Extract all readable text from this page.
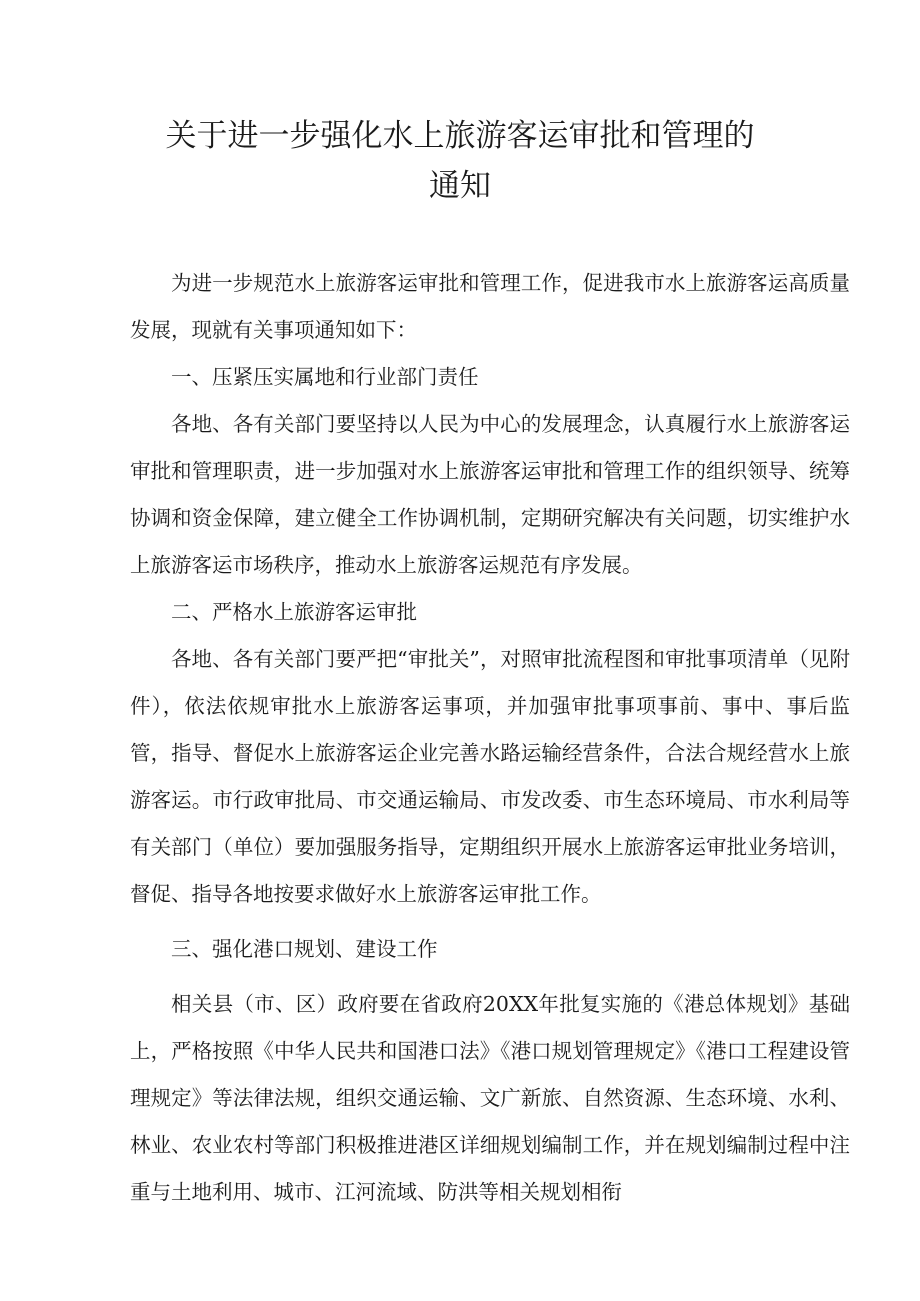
关于进一步强化水上旅游客运审批和管理的
通知

为进一步规范水上旅游客运审批和管理工作，促进我市水上旅游客运高质量发展，现就有关事项通知如下：

一、压紧压实属地和行业部门责任

各地、各有关部门要坚持以人民为中心的发展理念，认真履行水上旅游客运审批和管理职责，进一步加强对水上旅游客运审批和管理工作的组织领导、统筹协调和资金保障，建立健全工作协调机制，定期研究解决有关问题，切实维护水上旅游客运市场秩序，推动水上旅游客运规范有序发展。

二、严格水上旅游客运审批

各地、各有关部门要严把“审批关”，对照审批流程图和审批事项清单（见附件），依法依规审批水上旅游客运事项，并加强审批事项事前、事中、事后监管，指导、督促水上旅游客运企业完善水路运输经营条件，合法合规经营水上旅游客运。市行政审批局、市交通运输局、市发改委、市生态环境局、市水利局等有关部门（单位）要加强服务指导，定期组织开展水上旅游客运审批业务培训，督促、指导各地按要求做好水上旅游客运审批工作。

三、强化港口规划、建设工作

相关县（市、区）政府要在省政府20XX年批复实施的《港总体规划》基础上，严格按照《中华人民共和国港口法》《港口规划管理规定》《港口工程建设管理规定》等法律法规，组织交通运输、文广新旅、自然资源、生态环境、水利、林业、农业农村等部门积极推进港区详细规划编制工作，并在规划编制过程中注重与土地利用、城市、江河流域、防洪等相关规划相衔
